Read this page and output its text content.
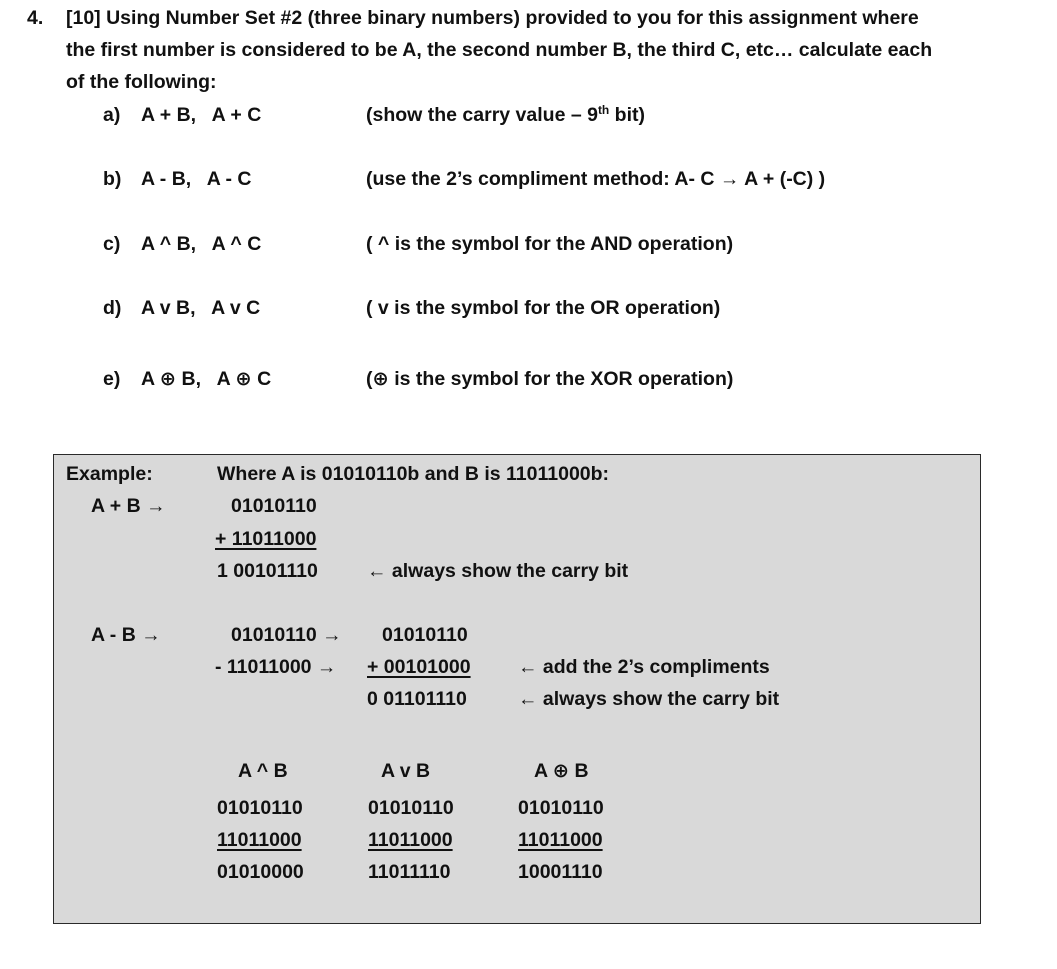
4. [10] Using Number Set #2 (three binary numbers) provided to you for this assignment where
the first number is considered to be A, the second number B, the third C, etc… calculate each
of the following:
a) A + B,   A + C	(show the carry value – 9th bit)
b) A - B,   A - C	(use the 2’s compliment method: A- C → A + (-C) )
c) A ^ B,   A ^ C	( ^ is the symbol for the AND operation)
d) A v B,   A v C	( v is the symbol for the OR operation)
e) A ⊕ B,   A ⊕ C	(⊕ is the symbol for the XOR operation)
Example:	Where A is 01010110b and B is 11011000b:
A + B →	01010110
+ 11011000
1 00101110	← always show the carry bit
A - B →	01010110 → 01010110
- 11011000 → + 00101000 ← add the 2’s compliments
0 01101110	← always show the carry bit
A ^ B	A v B	A ⊕ B
01010110	01010110	01010110
11011000	11011000	11011000
01010000	11011110	10001110
